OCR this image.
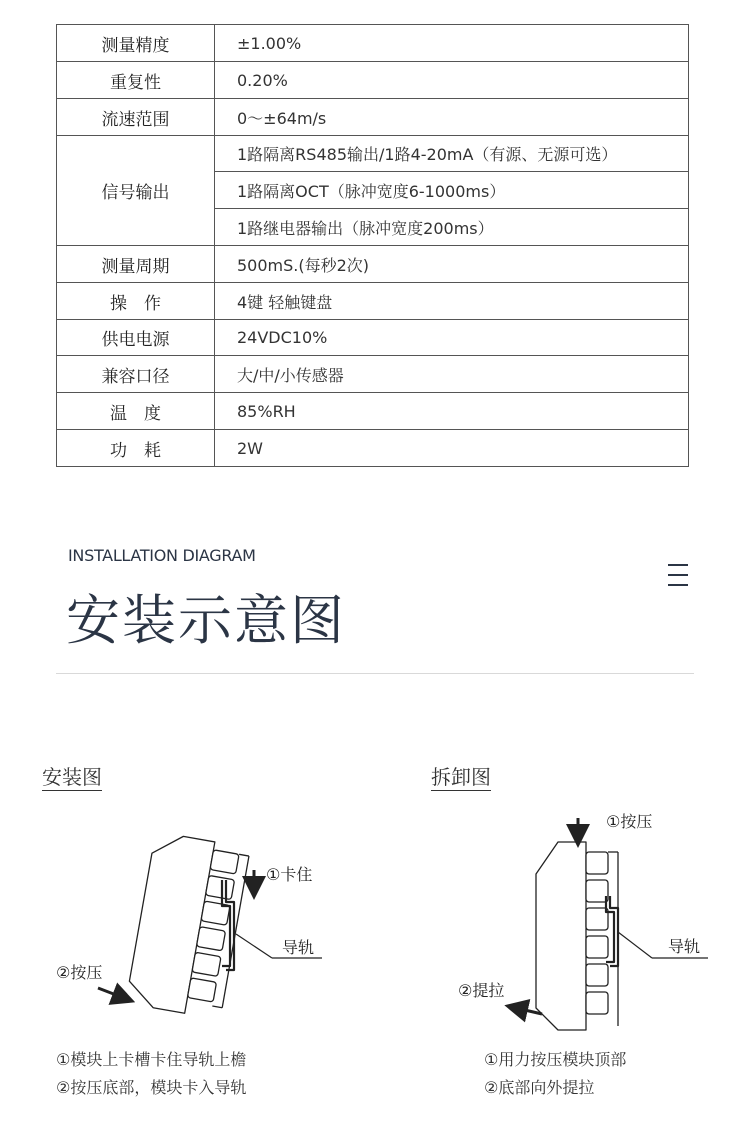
测量精度	±1.00%
重复性	0.20%
流速范围	0～±64m/s
信号输出	1路隔离RS485输出/1路4-20mA（有源、无源可选）
	1路隔离OCT（脉冲宽度6-1000ms）
	1路继电器输出（脉冲宽度200ms）
测量周期	500mS.(每秒2次)
操　作	4键 轻触键盘
供电电源	24VDC10%
兼容口径	大/中/小传感器
温　度	85%RH
功　耗	2W
INSTALLATION DIAGRAM
安装示意图
安装图	拆卸图
①卡住
导轨
②按压
①按压
导轨
②提拉
①模块上卡槽卡住导轨上檐
②按压底部，模块卡入导轨
①用力按压模块顶部
②底部向外提拉
